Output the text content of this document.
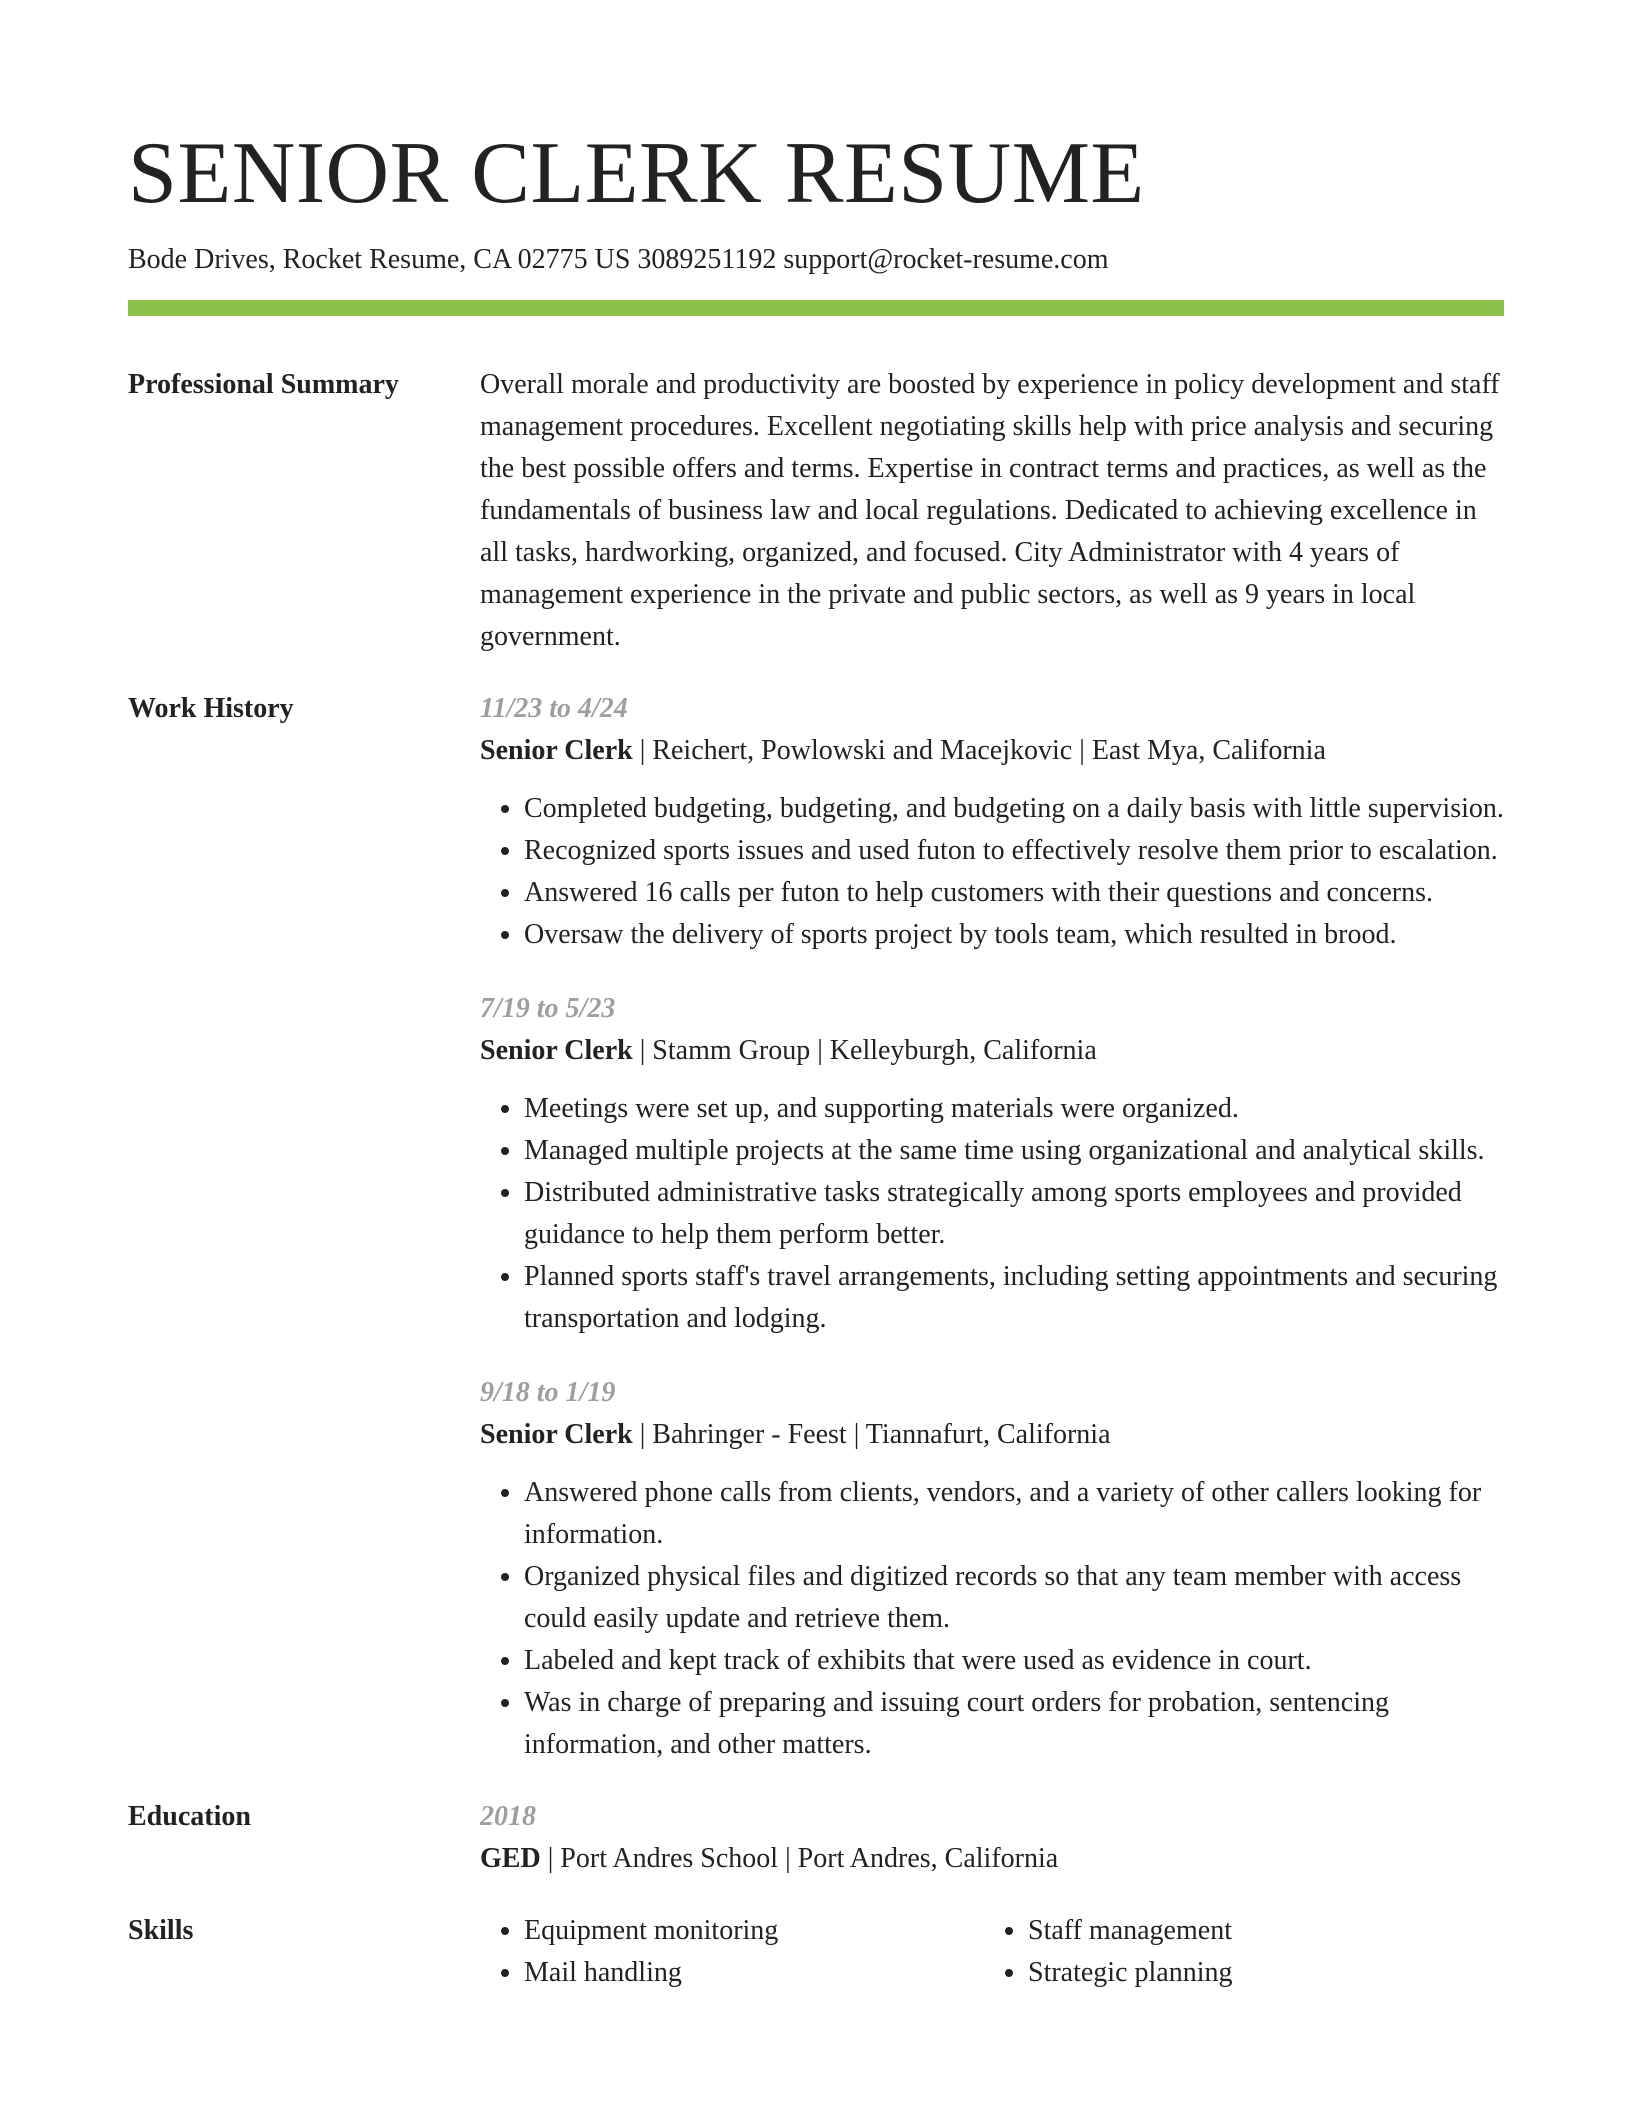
SENIOR CLERK RESUME
Bode Drives, Rocket Resume, CA 02775 US 3089251192 support@rocket-resume.com
Professional Summary	Overall morale and productivity are boosted by experience in policy development and staff management procedures. Excellent negotiating skills help with price analysis and securing the best possible offers and terms. Expertise in contract terms and practices, as well as the fundamentals of business law and local regulations. Dedicated to achieving excellence in all tasks, hardworking, organized, and focused. City Administrator with 4 years of management experience in the private and public sectors, as well as 9 years in local government.
Work History	11/23 to 4/24
Senior Clerk | Reichert, Powlowski and Macejkovic | East Mya, California
• Completed budgeting, budgeting, and budgeting on a daily basis with little supervision.
• Recognized sports issues and used futon to effectively resolve them prior to escalation.
• Answered 16 calls per futon to help customers with their questions and concerns.
• Oversaw the delivery of sports project by tools team, which resulted in brood.
7/19 to 5/23
Senior Clerk | Stamm Group | Kelleyburgh, California
• Meetings were set up, and supporting materials were organized.
• Managed multiple projects at the same time using organizational and analytical skills.
• Distributed administrative tasks strategically among sports employees and provided guidance to help them perform better.
• Planned sports staff's travel arrangements, including setting appointments and securing transportation and lodging.
9/18 to 1/19
Senior Clerk | Bahringer - Feest | Tiannafurt, California
• Answered phone calls from clients, vendors, and a variety of other callers looking for information.
• Organized physical files and digitized records so that any team member with access could easily update and retrieve them.
• Labeled and kept track of exhibits that were used as evidence in court.
• Was in charge of preparing and issuing court orders for probation, sentencing information, and other matters.
Education	2018
GED | Port Andres School | Port Andres, California
Skills
•	Equipment monitoring
• Mail handling
• Staff management
• Strategic planning
